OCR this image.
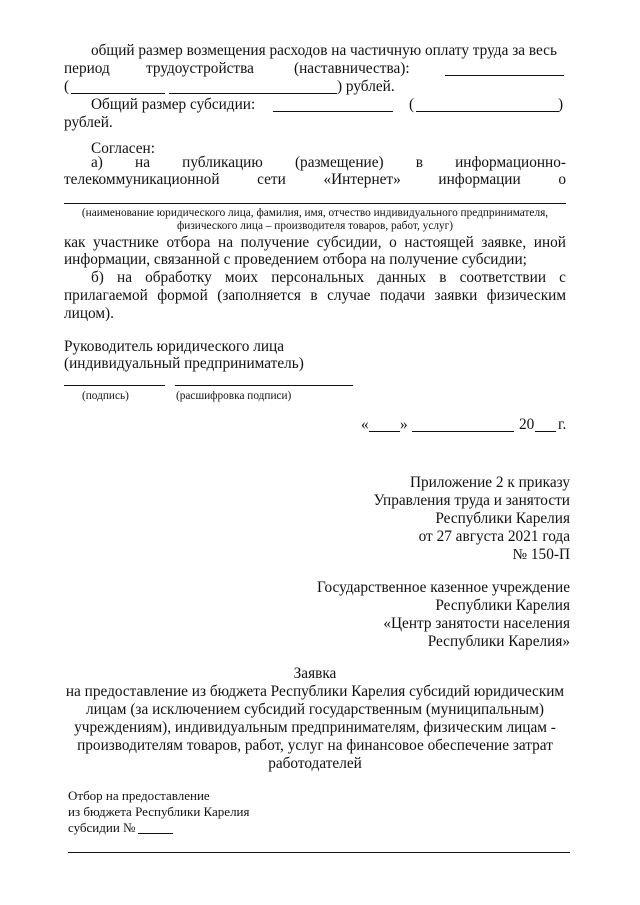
общий размер возмещения расходов на частичную оплату труда за весь
период трудоустройства	(наставничества):
(	) рублей.
Общий размер субсидии:	(	)
рублей.
Согласен:
а) на публикацию (размещение) в информационно-
телекоммуникационной сети «Интернет» информации о
(наименование юридического лица, фамилия, имя, отчество индивидуального предпринимателя,
физического лица – производителя товаров, работ, услуг)
как участнике отбора на получение субсидии, о настоящей заявке, иной
информации, связанной с проведением отбора на получение субсидии;
б) на обработку моих персональных данных в соответствии с
прилагаемой формой (заполняется в случае подачи заявки физическим
лицом).
Руководитель юридического лица
(индивидуальный предприниматель)
(подпись)	(расшифровка подписи)
« »	20 г.
Приложение 2 к приказу
Управления труда и занятости
Республики Карелия
от 27 августа 2021 года
№ 150-П
Государственное казенное учреждение
Республики Карелия
«Центр занятости населения
Республики Карелия»
Заявка
на предоставление из бюджета Республики Карелия субсидий юридическим
лицам (за исключением субсидий государственным (муниципальным)
учреждениям), индивидуальным предпринимателям, физическим лицам -
производителям товаров, работ, услуг на финансовое обеспечение затрат
работодателей
Отбор на предоставление
из бюджета Республики Карелия
субсидии №
